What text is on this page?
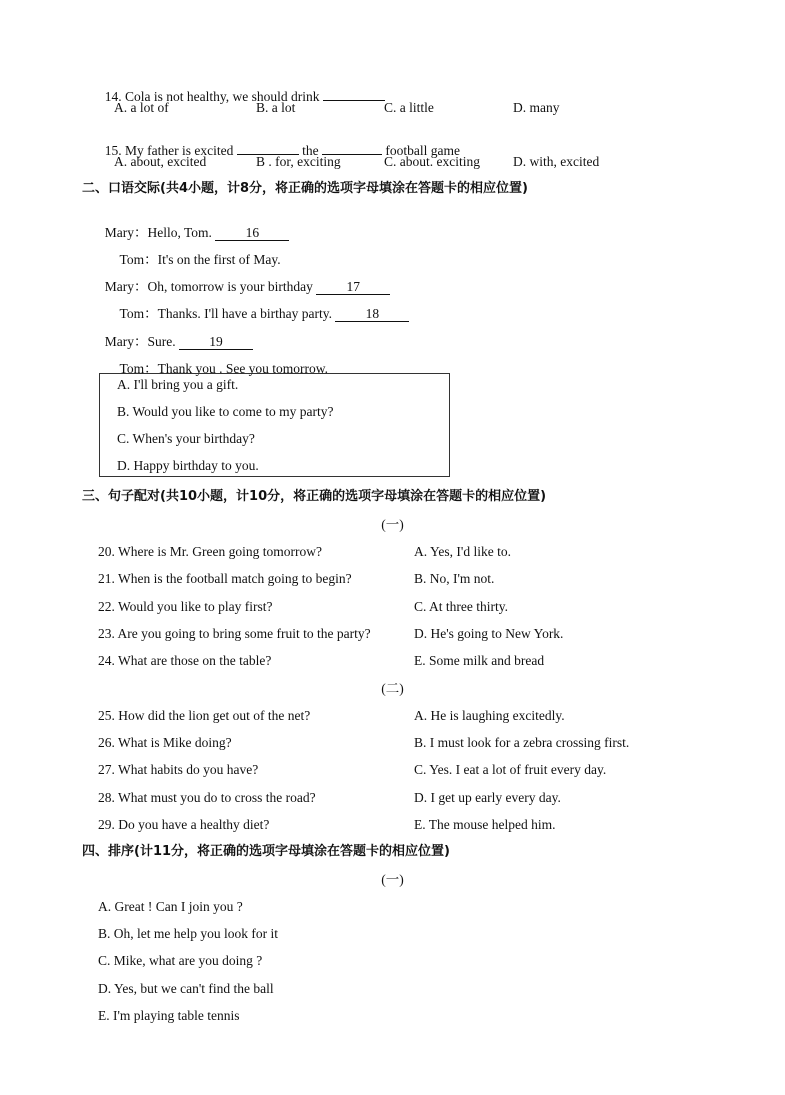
14. Cola is not healthy, we should drink

A. a lot of	B. a lot	C. a little	D. many

15. My father is excited	the	football game

A. about, excited	B . for, exciting	C. about. exciting D. with, excited
二、口语交际(共4小题，计8分，将正确的选项字母填涂在答题卡的相应位置)

Mary：Hello, Tom. 16

Tom：It's on the first of May.

Mary：Oh, tomorrow is your birthday 17

Tom：Thanks. I'll have a birthay party. 18

Mary：Sure. 19

Tom：Thank you . See you tomorrow.

A. I'll bring you a gift.
B. Would you like to come to my party?
C. When's your birthday?
D. Happy birthday to you.
三、句子配对(共10小题，计10分，将正确的选项字母填涂在答题卡的相应位置)
(一)
20. Where is Mr. Green going tomorrow?	A. Yes, I'd like to.
21. When is the football match going to begin?	B. No, I'm not.
22. Would you like to play first?	C. At three thirty.
23. Are you going to bring some fruit to the party?	D. He's going to New York.
24. What are those on the table?	E. Some milk and bread
(二)
25. How did the lion get out of the net?	A. He is laughing excitedly.
26. What is Mike doing?	B. I must look for a zebra crossing first.
27. What habits do you have?	C. Yes. I eat a lot of fruit every day.
28. What must you do to cross the road?	D. I get up early every day.
29. Do you have a healthy diet?	E. The mouse helped him.
四、排序(计11分，将正确的选项字母填涂在答题卡的相应位置)
(一)
A. Great ! Can I join you ?
B. Oh, let me help you look for it
C. Mike, what are you doing ?
D. Yes, but we can't find the ball
E. I'm playing table tennis
